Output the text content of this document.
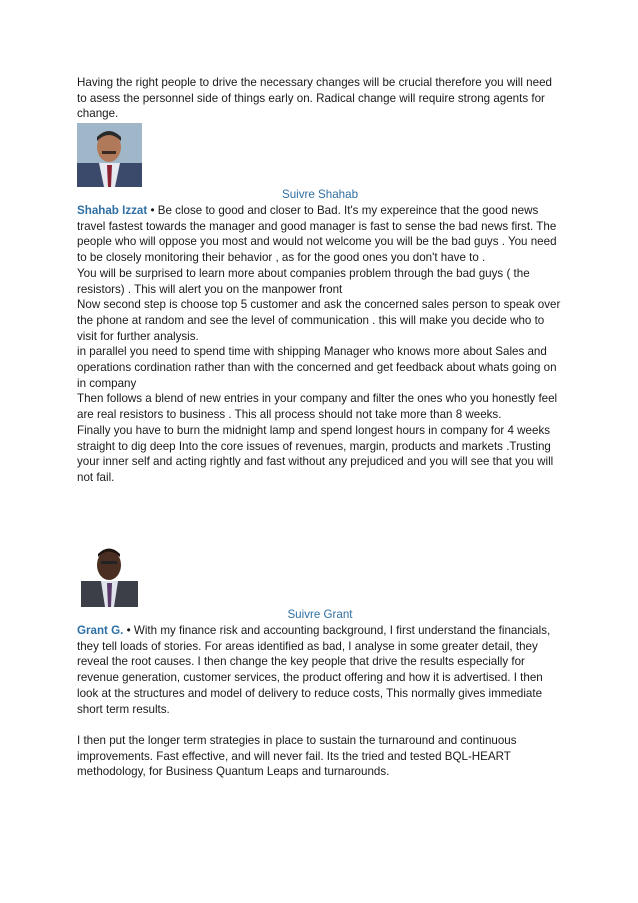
Having the right people to drive the necessary changes will be crucial therefore you will need to asess the personnel side of things early on. Radical change will require strong agents for change.
Suivre Shahab

Shahab Izzat • Be close to good and closer to Bad. It's my expereince that the good news travel fastest towards the manager and good manager is fast to sense the bad news first. The people who will oppose you most and would not welcome you will be the bad guys . You need to be closely monitoring their behavior , as for the good ones you don't have to .

You will be surprised to learn more about companies problem through the bad guys ( the resistors) . This will alert you on the manpower front

Now second step is choose top 5 customer and ask the concerned sales person to speak over the phone at random and see the level of communication . this will make you decide who to visit for further analysis.

in parallel you need to spend time with shipping Manager who knows more about Sales and operations cordination rather than with the concerned and get feedback about whats going on in company

Then follows a blend of new entries in your company and filter the ones who you honestly feel are real resistors to business . This all process should not take more than 8 weeks.

Finally you have to burn the midnight lamp and spend longest hours in company for 4 weeks straight to dig deep Into the core issues of revenues, margin, products and markets .Trusting your inner self and acting rightly and fast without any prejudiced and you will see that you will not fail.

Suivre Grant

Grant G. • With my finance risk and accounting background, I first understand the financials, they tell loads of stories. For areas identified as bad, I analyse in some greater detail, they reveal the root causes. I then change the key people that drive the results especially for revenue generation, customer services, the product offering and how it is advertised. I then look at the structures and model of delivery to reduce costs, This normally gives immediate short term results.

I then put the longer term strategies in place to sustain the turnaround and continuous improvements. Fast effective, and will never fail. Its the tried and tested BQL-HEART methodology, for Business Quantum Leaps and turnarounds.
